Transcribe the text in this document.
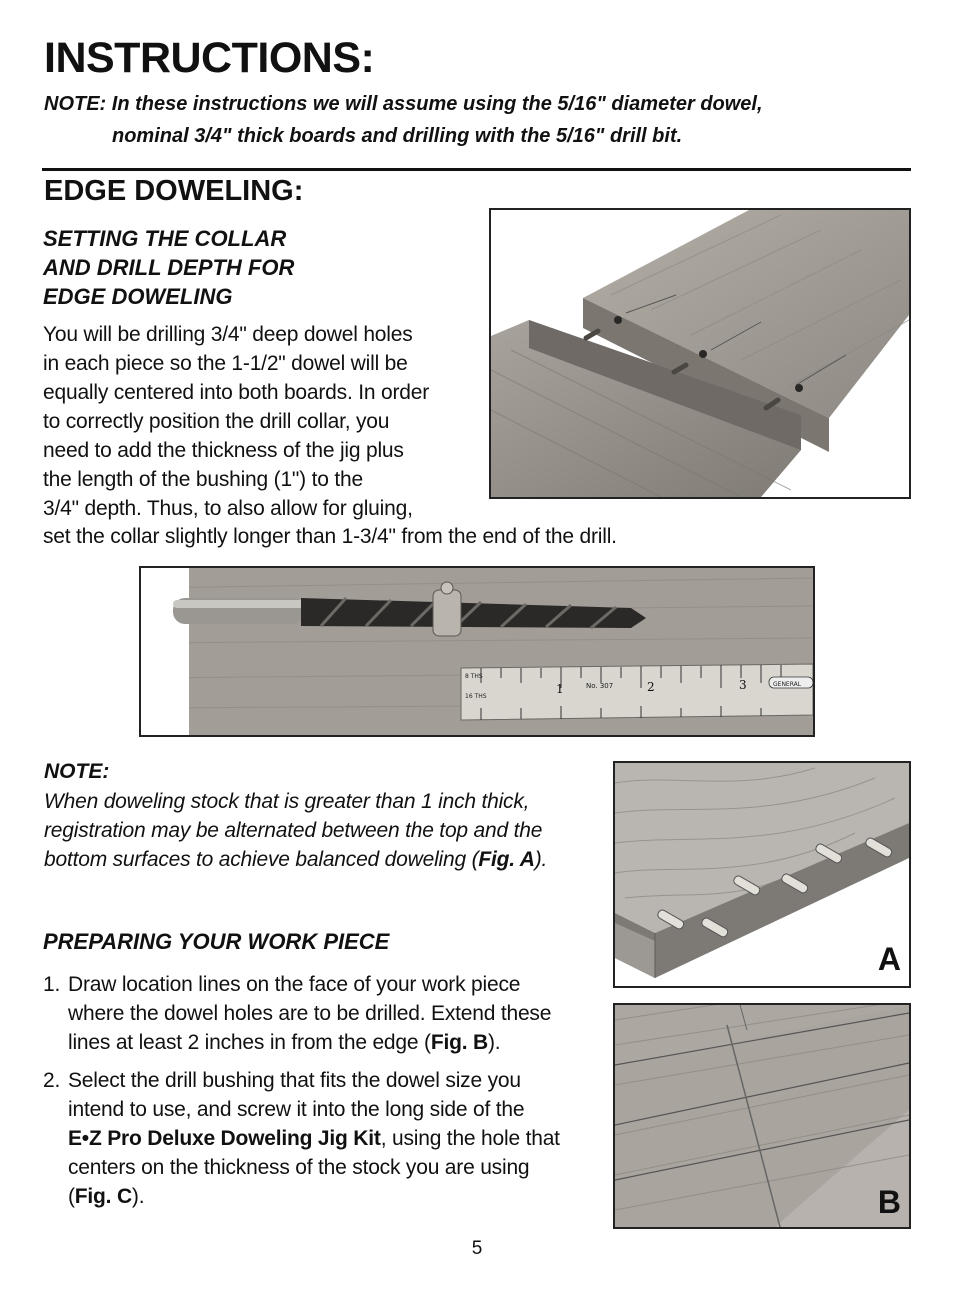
INSTRUCTIONS:
NOTE: In these instructions we will assume using the 5/16" diameter dowel,
nominal 3/4" thick boards and drilling with the 5/16" drill bit.
EDGE DOWELING:
SETTING THE COLLAR
AND DRILL DEPTH FOR
EDGE DOWELING
You will be drilling 3/4" deep dowel holes
in each piece so the 1-1/2" dowel will be
equally centered into both boards. In order
to correctly position the drill collar, you
need to add the thickness of the jig plus
the length of the bushing (1") to the
3/4" depth. Thus, to also allow for gluing,
set the collar slightly longer than 1-3/4" from the end of the drill.
8 THS
16 THS
1	No. 307	2	3	GENERAL
NOTE:
When doweling stock that is greater than 1 inch thick,
registration may be alternated between the top and the
bottom surfaces to achieve balanced doweling (Fig. A).
A
PREPARING YOUR WORK PIECE
1. Draw location lines on the face of your work piece
where the dowel holes are to be drilled. Extend these
lines at least 2 inches in from the edge (Fig. B).
2. Select the drill bushing that fits the dowel size you
intend to use, and screw it into the long side of the
E•Z Pro Deluxe Doweling Jig Kit, using the hole that
centers on the thickness of the stock you are using
(Fig. C).	B
5
